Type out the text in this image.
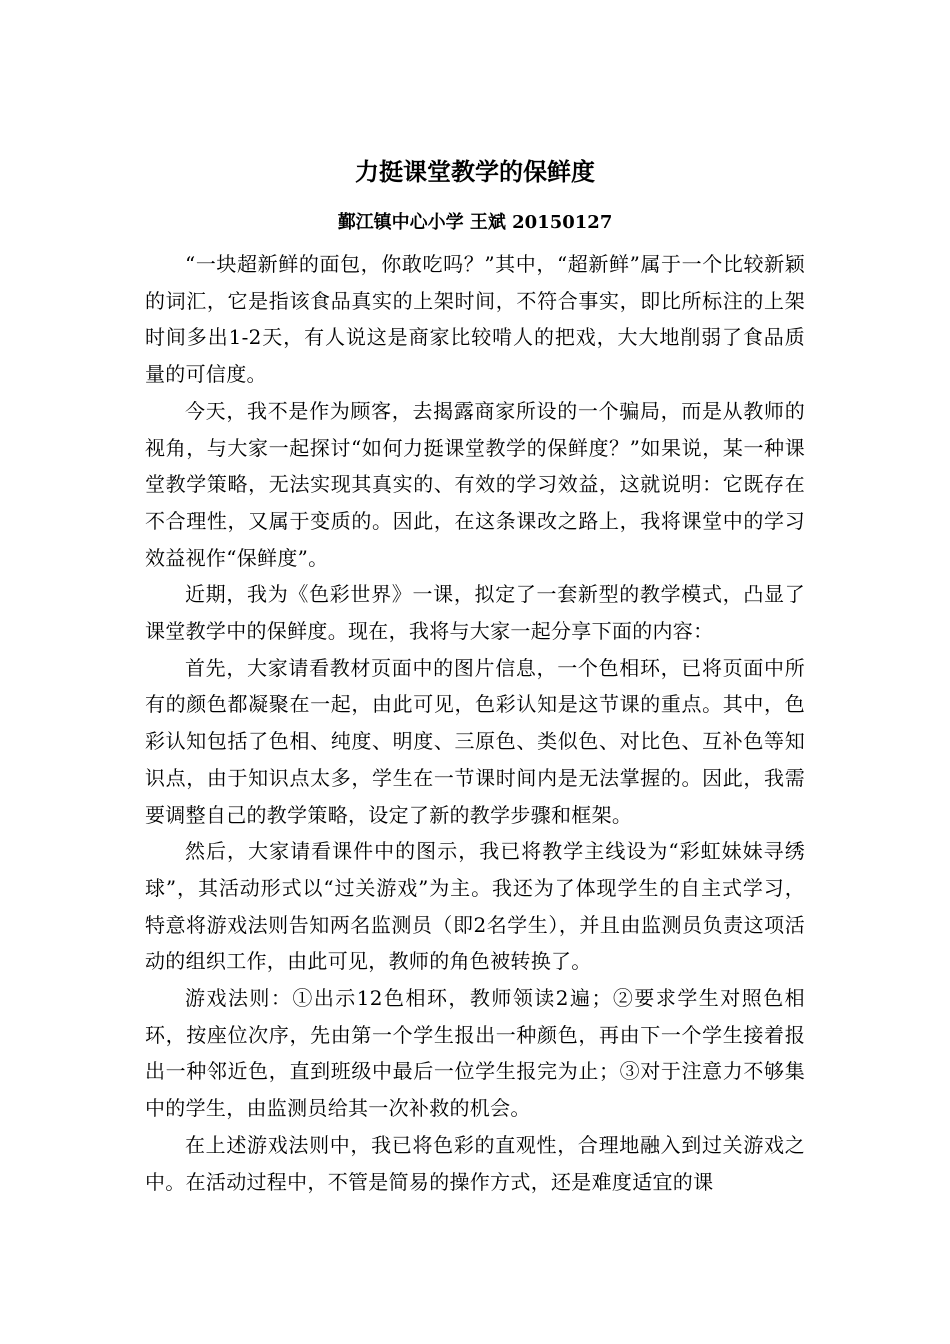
力挺课堂教学的保鲜度

鄞江镇中心小学 王斌 20150127

“一块超新鲜的面包，你敢吃吗？”其中，“超新鲜”属于一个比较新颖的词汇，它是指该食品真实的上架时间，不符合事实，即比所标注的上架时间多出1-2天，有人说这是商家比较啃人的把戏，大大地削弱了食品质量的可信度。

今天，我不是作为顾客，去揭露商家所设的一个骗局，而是从教师的视角，与大家一起探讨“如何力挺课堂教学的保鲜度？”如果说，某一种课堂教学策略，无法实现其真实的、有效的学习效益，这就说明：它既存在不合理性，又属于变质的。因此，在这条课改之路上，我将课堂中的学习效益视作“保鲜度”。

近期，我为《色彩世界》一课，拟定了一套新型的教学模式，凸显了课堂教学中的保鲜度。现在，我将与大家一起分享下面的内容：

首先，大家请看教材页面中的图片信息，一个色相环，已将页面中所有的颜色都凝聚在一起，由此可见，色彩认知是这节课的重点。其中，色彩认知包括了色相、纯度、明度、三原色、类似色、对比色、互补色等知识点，由于知识点太多，学生在一节课时间内是无法掌握的。因此，我需要调整自己的教学策略，设定了新的教学步骤和框架。

然后，大家请看课件中的图示，我已将教学主线设为“彩虹妹妹寻绣球”，其活动形式以“过关游戏”为主。我还为了体现学生的自主式学习，特意将游戏法则告知两名监测员（即2名学生），并且由监测员负责这项活动的组织工作，由此可见，教师的角色被转换了。

游戏法则：①出示12色相环，教师领读2遍；②要求学生对照色相环，按座位次序，先由第一个学生报出一种颜色，再由下一个学生接着报出一种邻近色，直到班级中最后一位学生报完为止；③对于注意力不够集中的学生，由监测员给其一次补救的机会。

在上述游戏法则中，我已将色彩的直观性，合理地融入到过关游戏之中。在活动过程中，不管是简易的操作方式，还是难度适宜的课
